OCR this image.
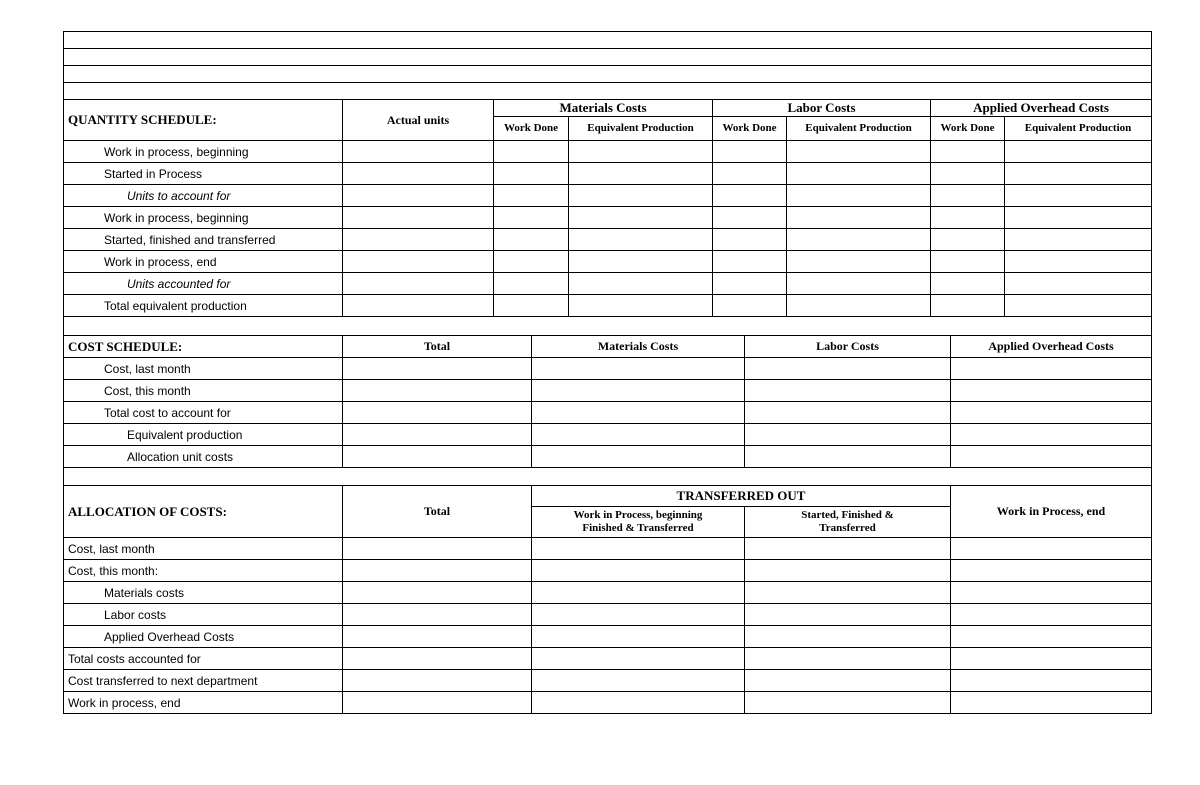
QUANTITY SCHEDULE:	Actual units	Materials Costs		Labor Costs		Applied Overhead Costs	
		Work Done	Equivalent Production	Work Done	Equivalent Production	Work Done	Equivalent Production
Work in process, beginning							
Started in Process							
Units to account for							
Work in process, beginning							
Started, finished and transferred							
Work in process, end							
Units accounted for							
Total equivalent production							

COST SCHEDULE:	Total	Materials Costs	Labor Costs	Applied Overhead Costs
Cost, last month				
Cost, this month				
Total cost to account for				
Equivalent production				
Allocation unit costs				

ALLOCATION OF COSTS:	Total	TRANSFERRED OUT		Work in Process, end
		Work in Process, beginning Finished & Transferred	Started, Finished & Transferred	
Cost, last month				
Cost, this month:				
Materials costs				
Labor costs				
Applied Overhead Costs				
Total costs accounted for				
Cost transferred to next department				
Work in process, end				
